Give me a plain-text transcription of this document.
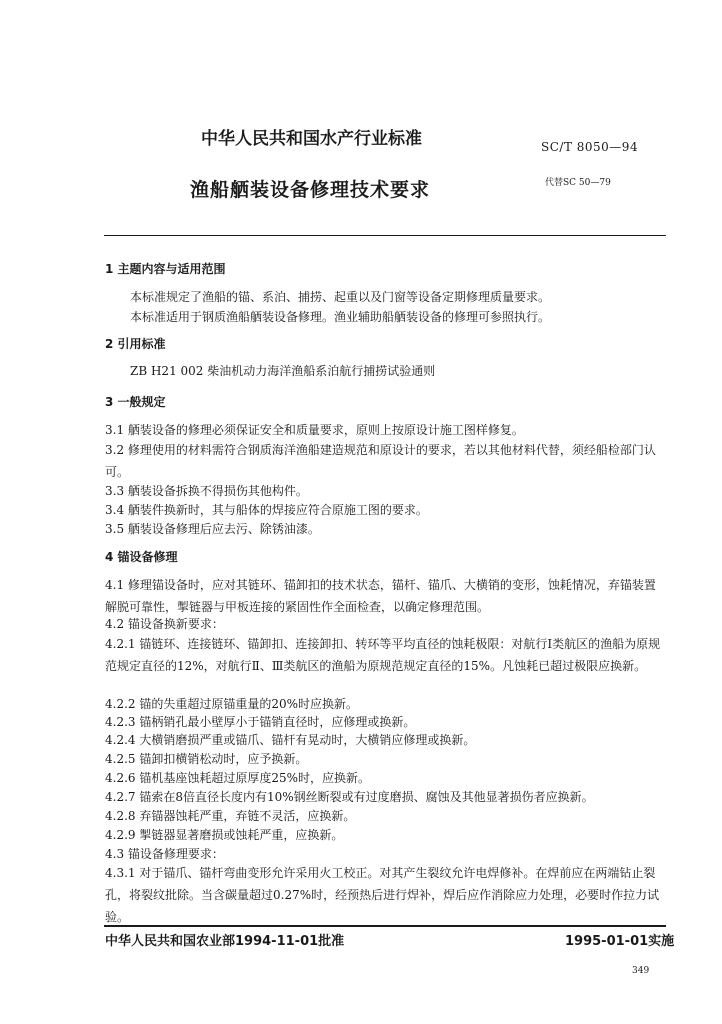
中华人民共和国水产行业标准	SC/T 8050—94
渔船舾装设备修理技术要求	代替SC 50—79
1 主题内容与适用范围
本标准规定了渔船的锚、系泊、捕捞、起重以及门窗等设备定期修理质量要求。
本标准适用于钢质渔船舾装设备修理。渔业辅助船舾装设备的修理可参照执行。
2 引用标准
ZB H21 002 柴油机动力海洋渔船系泊航行捕捞试验通则
3 一般规定
3.1 舾装设备的修理必须保证安全和质量要求，原则上按原设计施工图样修复。
3.2 修理使用的材料需符合钢质海洋渔船建造规范和原设计的要求，若以其他材料代替，须经船检部门认可。
3.3 舾装设备拆换不得损伤其他构件。
3.4 舾装件换新时，其与船体的焊接应符合原施工图的要求。
3.5 舾装设备修理后应去污、除锈油漆。
4 锚设备修理
4.1 修理锚设备时，应对其链环、锚卸扣的技术状态，锚杆、锚爪、大横销的变形，蚀耗情况，弃锚装置解脱可靠性，掣链器与甲板连接的紧固性作全面检查，以确定修理范围。
4.2 锚设备换新要求：
4.2.1 锚链环、连接链环、锚卸扣、连接卸扣、转环等平均直径的蚀耗极限：对航行Ⅰ类航区的渔船为原规范规定直径的12%，对航行Ⅱ、Ⅲ类航区的渔船为原规范规定直径的15%。凡蚀耗已超过极限应换新。
4.2.2 锚的失重超过原锚重量的20%时应换新。
4.2.3 锚柄销孔最小壁厚小于锚销直径时，应修理或换新。
4.2.4 大横销磨损严重或锚爪、锚杆有晃动时，大横销应修理或换新。
4.2.5 锚卸扣横销松动时，应予换新。
4.2.6 锚机基座蚀耗超过原厚度25%时，应换新。
4.2.7 锚索在8倍直径长度内有10%钢丝断裂或有过度磨损、腐蚀及其他显著损伤者应换新。
4.2.8 弃锚器蚀耗严重，弃链不灵活，应换新。
4.2.9 掣链器显著磨损或蚀耗严重，应换新。
4.3 锚设备修理要求：
4.3.1 对于锚爪、锚杆弯曲变形允许采用火工校正。对其产生裂纹允许电焊修补。在焊前应在两端钻止裂孔，将裂纹批除。当含碳量超过0.27%时，经预热后进行焊补，焊后应作消除应力处理，必要时作拉力试验。
中华人民共和国农业部1994-11-01批准	1995-01-01实施
349
